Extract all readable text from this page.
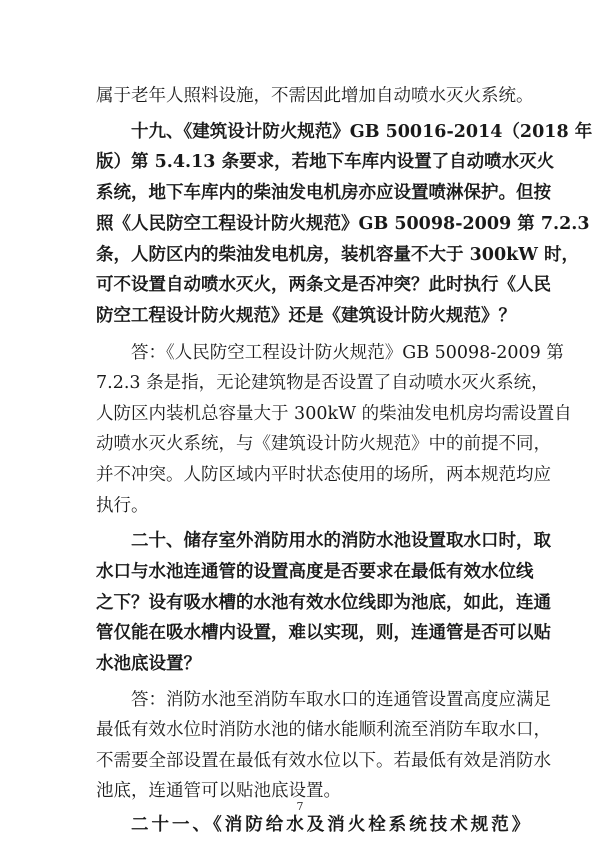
属于老年人照料设施，不需因此增加自动喷水灭火系统。
十九、《建筑设计防火规范》GB 50016-2014（2018 年
版）第 5.4.13 条要求，若地下车库内设置了自动喷水灭火
系统，地下车库内的柴油发电机房亦应设置喷淋保护。但按
照《人民防空工程设计防火规范》GB 50098-2009 第 7.2.3
条，人防区内的柴油发电机房，装机容量不大于 300kW 时，
可不设置自动喷水灭火，两条文是否冲突？此时执行《人民
防空工程设计防火规范》还是《建筑设计防火规范》？
答：《人民防空工程设计防火规范》GB 50098-2009 第
7.2.3 条是指，无论建筑物是否设置了自动喷水灭火系统，
人防区内装机总容量大于 300kW 的柴油发电机房均需设置自
动喷水灭火系统，与《建筑设计防火规范》中的前提不同，
并不冲突。人防区域内平时状态使用的场所，两本规范均应
执行。
二十、储存室外消防用水的消防水池设置取水口时，取
水口与水池连通管的设置高度是否要求在最低有效水位线
之下？设有吸水槽的水池有效水位线即为池底，如此，连通
管仅能在吸水槽内设置，难以实现，则，连通管是否可以贴
水池底设置？
答：消防水池至消防车取水口的连通管设置高度应满足
最低有效水位时消防水池的储水能顺利流至消防车取水口，
不需要全部设置在最低有效水位以下。若最低有效是消防水
池底，连通管可以贴池底设置。
二十一、《消防给水及消火栓系统技术规范》
7
